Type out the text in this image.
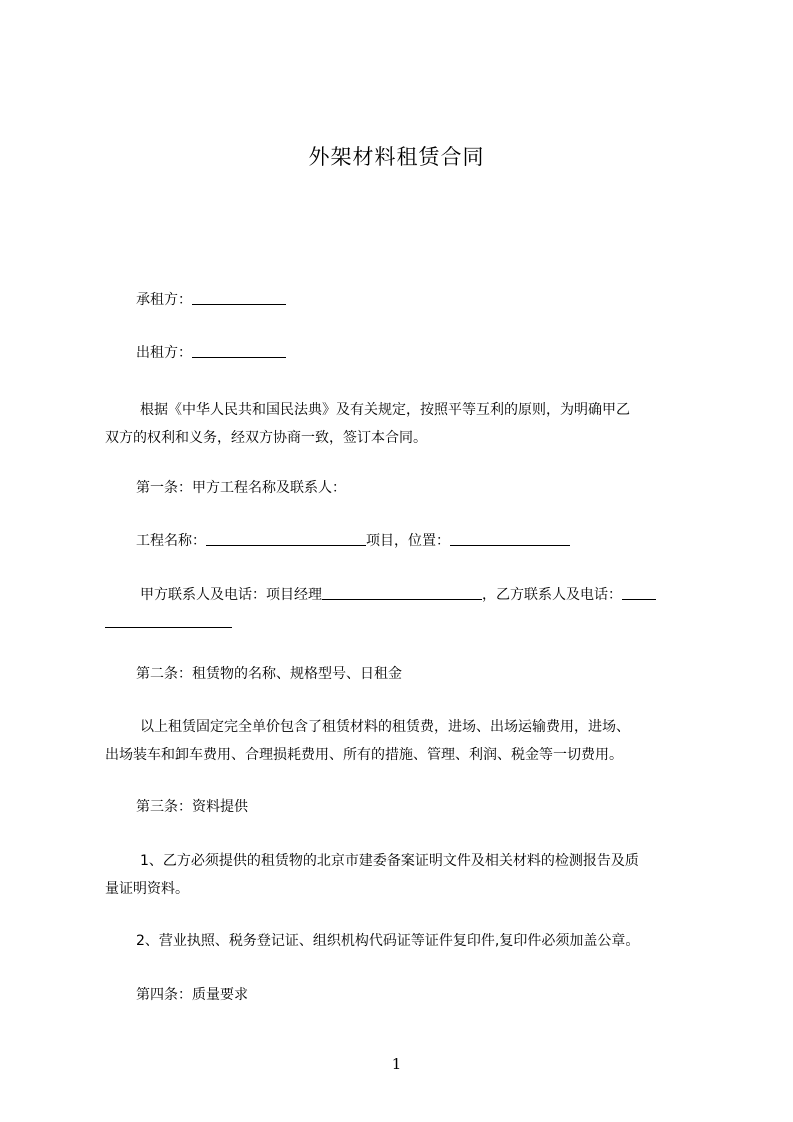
外架材料租赁合同
承租方：
出租方：
根据《中华人民共和国民法典》及有关规定，按照平等互利的原则，为明确甲乙
双方的权利和义务，经双方协商一致，签订本合同。
第一条：甲方工程名称及联系人：
工程名称：	项目，位置：
甲方联系人及电话：项目经理	，乙方联系人及电话：
第二条：租赁物的名称、规格型号、日租金
以上租赁固定完全单价包含了租赁材料的租赁费，进场、出场运输费用，进场、
出场装车和卸车费用、合理损耗费用、所有的措施、管理、利润、税金等一切费用。
第三条：资料提供
1、乙方必须提供的租赁物的北京市建委备案证明文件及相关材料的检测报告及质
量证明资料。
2、营业执照、税务登记证、组织机构代码证等证件复印件,复印件必须加盖公章。
第四条：质量要求
1
